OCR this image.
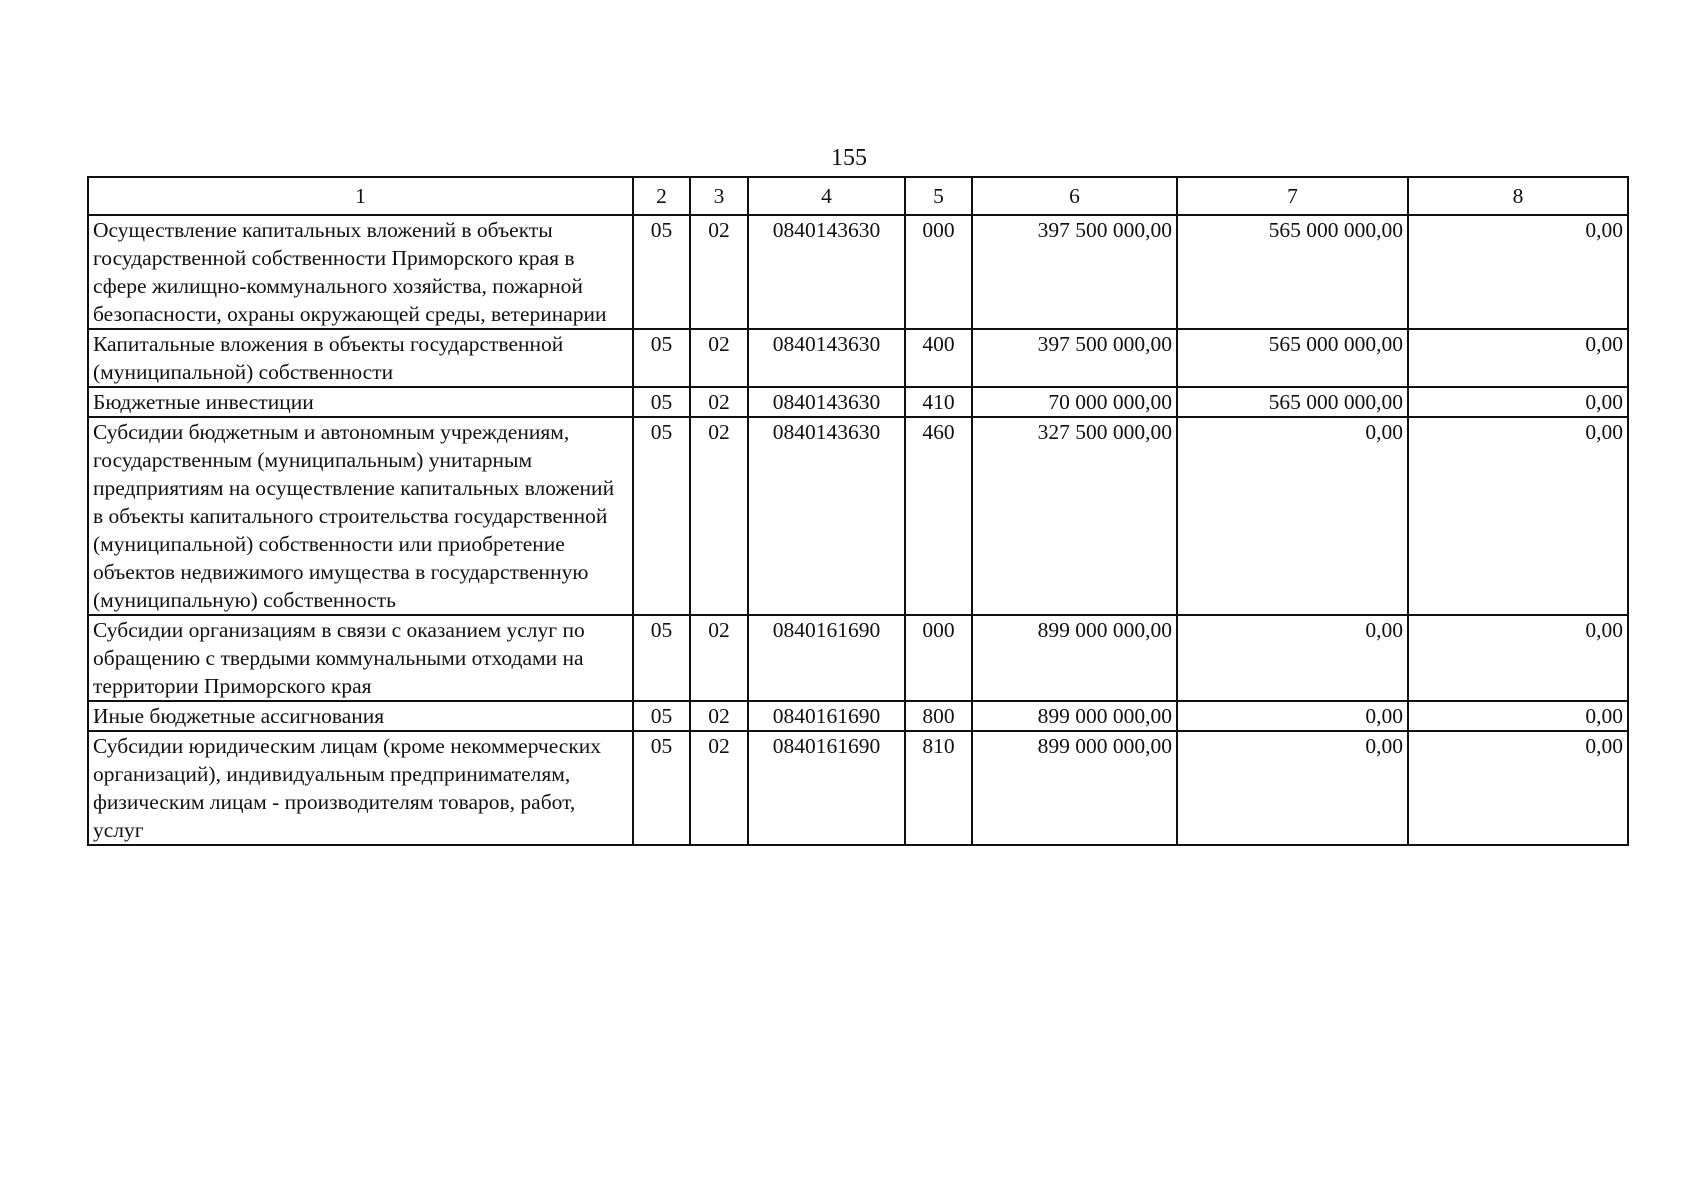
155
1	2	3	4	5	6	7	8
Осуществление капитальных вложений в объекты государственной собственности Приморского края в сфере жилищно-коммунального хозяйства, пожарной безопасности, охраны окружающей среды, ветеринарии	05	02	0840143630	000	397 500 000,00	565 000 000,00	0,00
Капитальные вложения в объекты государственной (муниципальной) собственности	05	02	0840143630	400	397 500 000,00	565 000 000,00	0,00
Бюджетные инвестиции	05	02	0840143630	410	70 000 000,00	565 000 000,00	0,00
Субсидии бюджетным и автономным учреждениям, государственным (муниципальным) унитарным предприятиям на осуществление капитальных вложений в объекты капитального строительства государственной (муниципальной) собственности или приобретение объектов недвижимого имущества в государственную (муниципальную) собственность	05	02	0840143630	460	327 500 000,00	0,00	0,00
Субсидии организациям в связи с оказанием услуг по обращению с твердыми коммунальными отходами на территории Приморского края	05	02	0840161690	000	899 000 000,00	0,00	0,00
Иные бюджетные ассигнования	05	02	0840161690	800	899 000 000,00	0,00	0,00
Субсидии юридическим лицам (кроме некоммерческих организаций), индивидуальным предпринимателям, физическим лицам - производителям товаров, работ, услуг	05	02	0840161690	810	899 000 000,00	0,00	0,00
